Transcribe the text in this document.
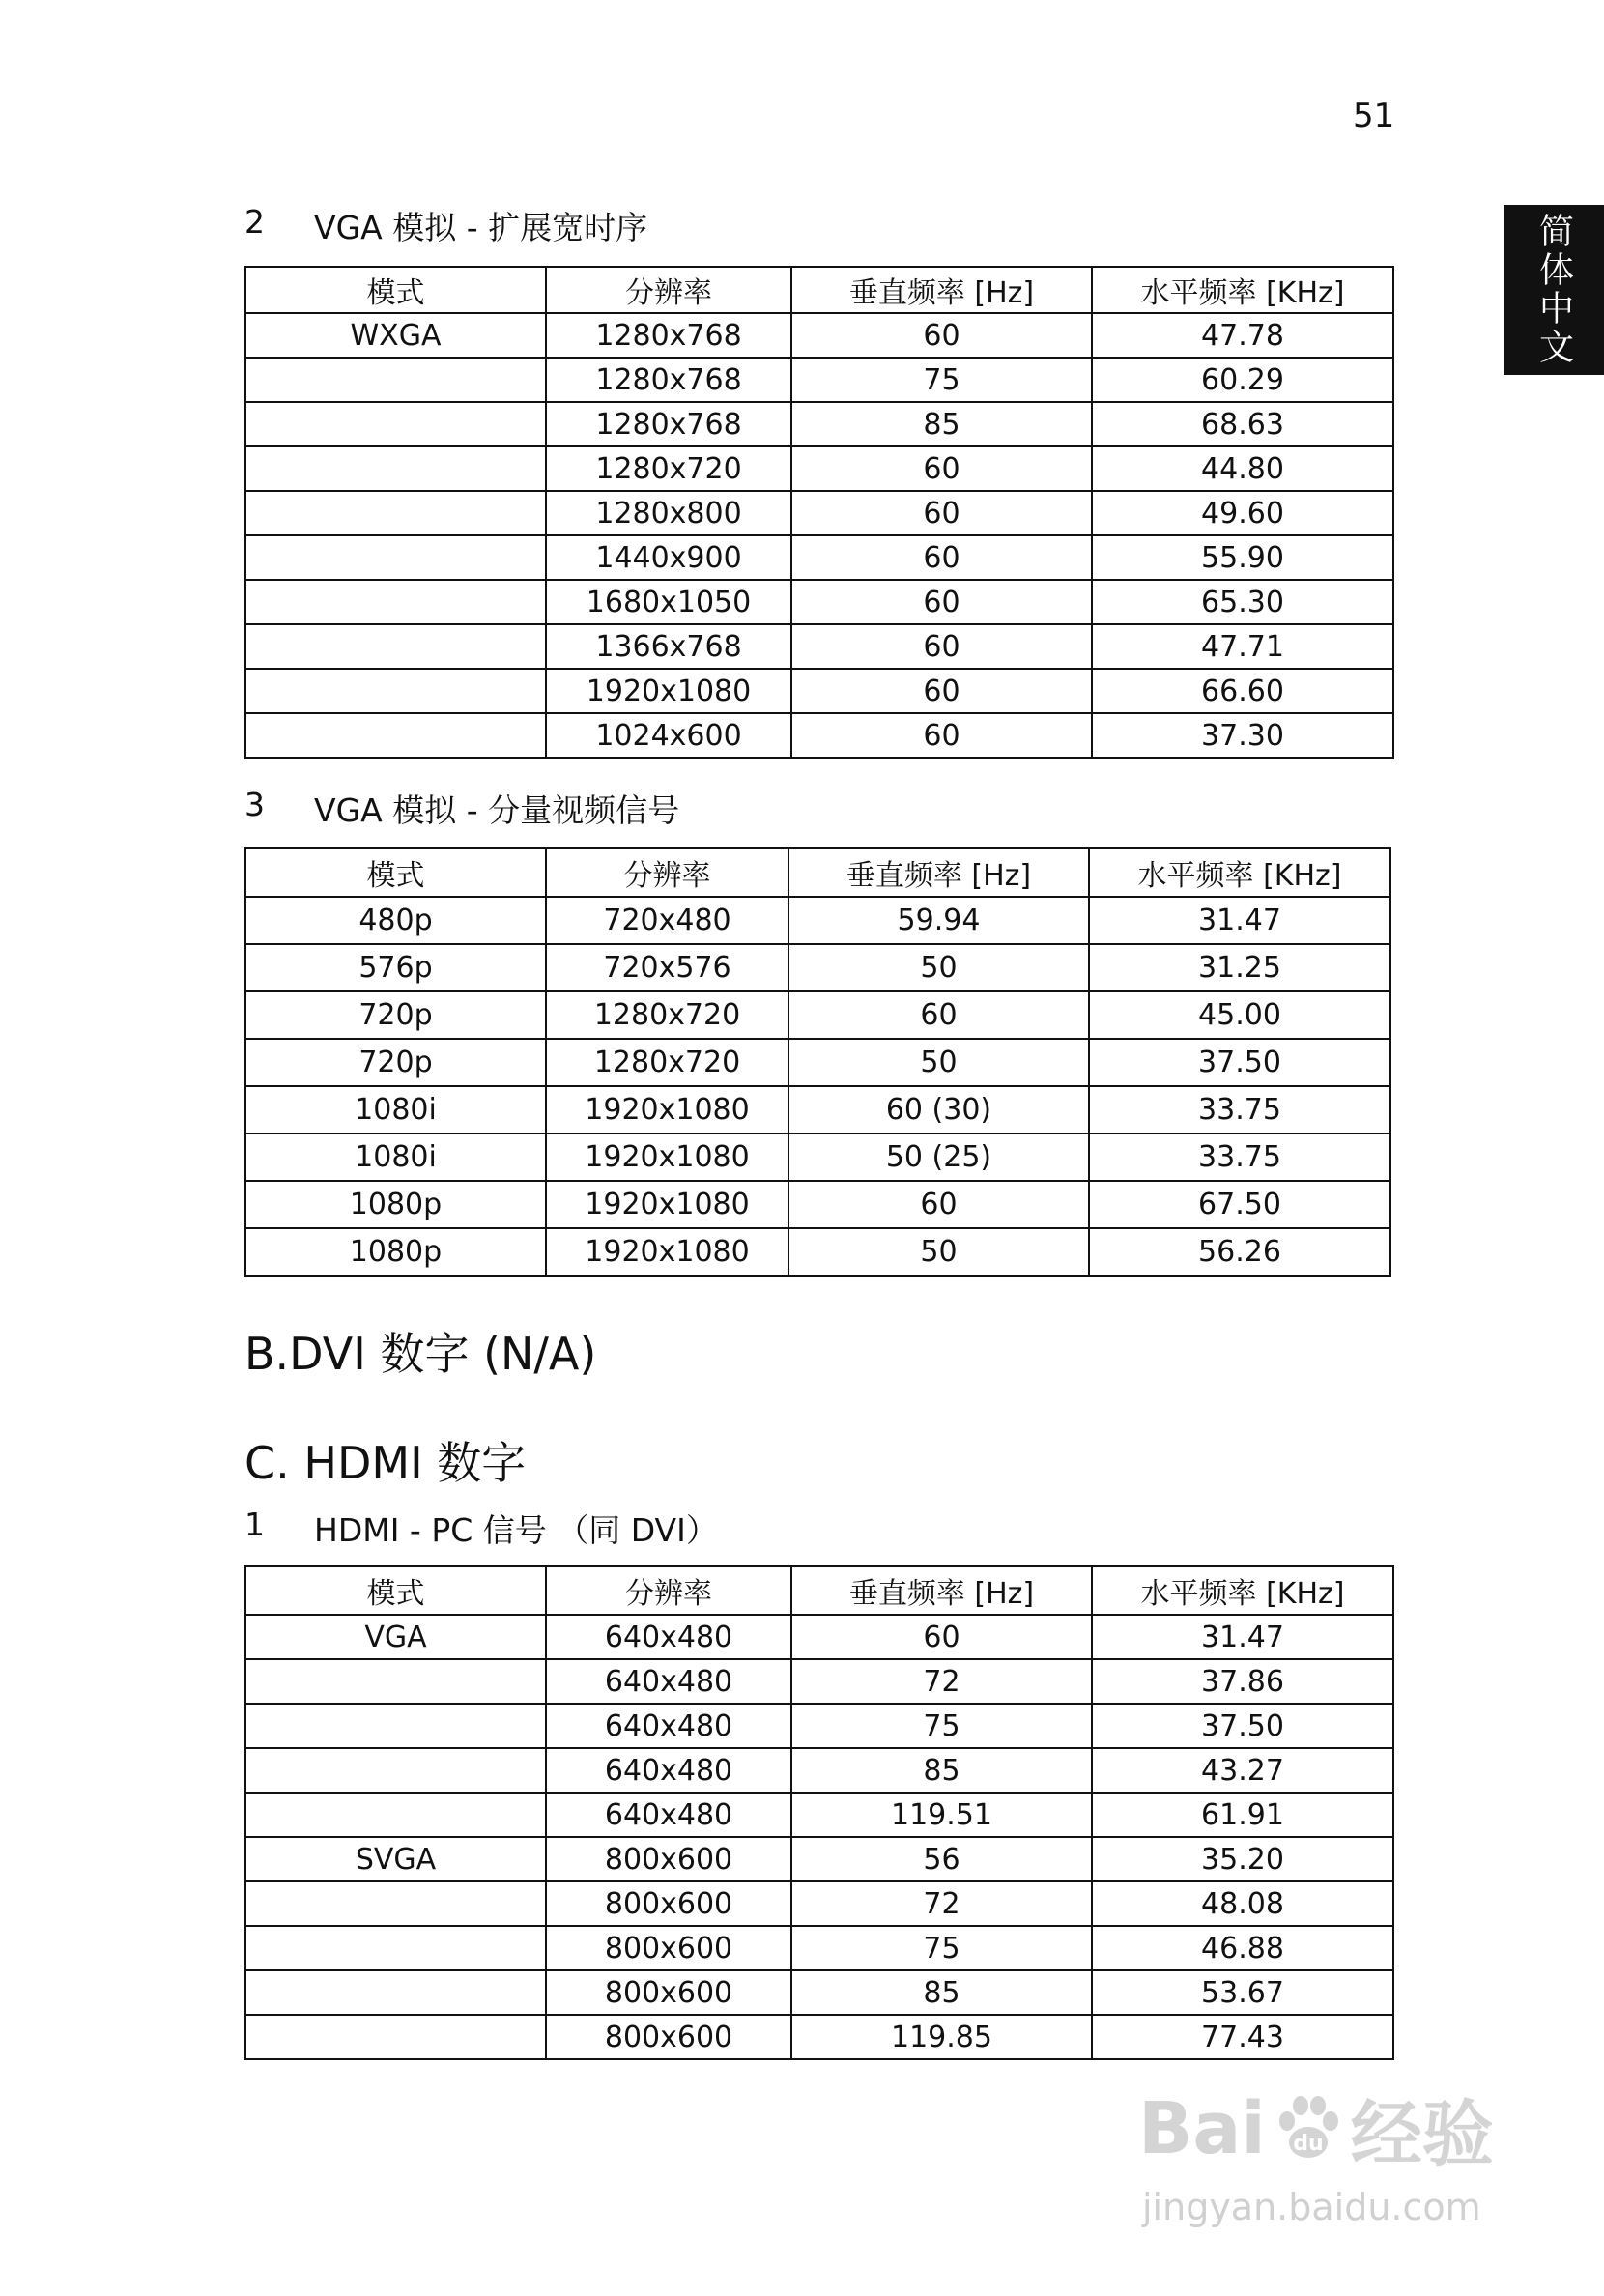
51
简体中文
2	VGA 模拟 - 扩展宽时序
模式	分辨率	垂直频率 [Hz]	水平频率 [KHz]
WXGA	1280x768	60	47.78
	1280x768	75	60.29
	1280x768	85	68.63
	1280x720	60	44.80
	1280x800	60	49.60
	1440x900	60	55.90
	1680x1050	60	65.30
	1366x768	60	47.71
	1920x1080	60	66.60
	1024x600	60	37.30
3	VGA 模拟 - 分量视频信号
模式	分辨率	垂直频率 [Hz]	水平频率 [KHz]
480p	720x480	59.94	31.47
576p	720x576	50	31.25
720p	1280x720	60	45.00
720p	1280x720	50	37.50
1080i	1920x1080	60 (30)	33.75
1080i	1920x1080	50 (25)	33.75
1080p	1920x1080	60	67.50
1080p	1920x1080	50	56.26
B.DVI 数字 (N/A)
C. HDMI 数字
1	HDMI - PC 信号 （同 DVI）
模式	分辨率	垂直频率 [Hz]	水平频率 [KHz]
VGA	640x480	60	31.47
	640x480	72	37.86
	640x480	75	37.50
	640x480	85	43.27
	640x480	119.51	61.91
SVGA	800x600	56	35.20
	800x600	72	48.08
	800x600	75	46.88
	800x600	85	53.67
	800x600	119.85	77.43
Bai du 经验
jingyan.baidu.com
